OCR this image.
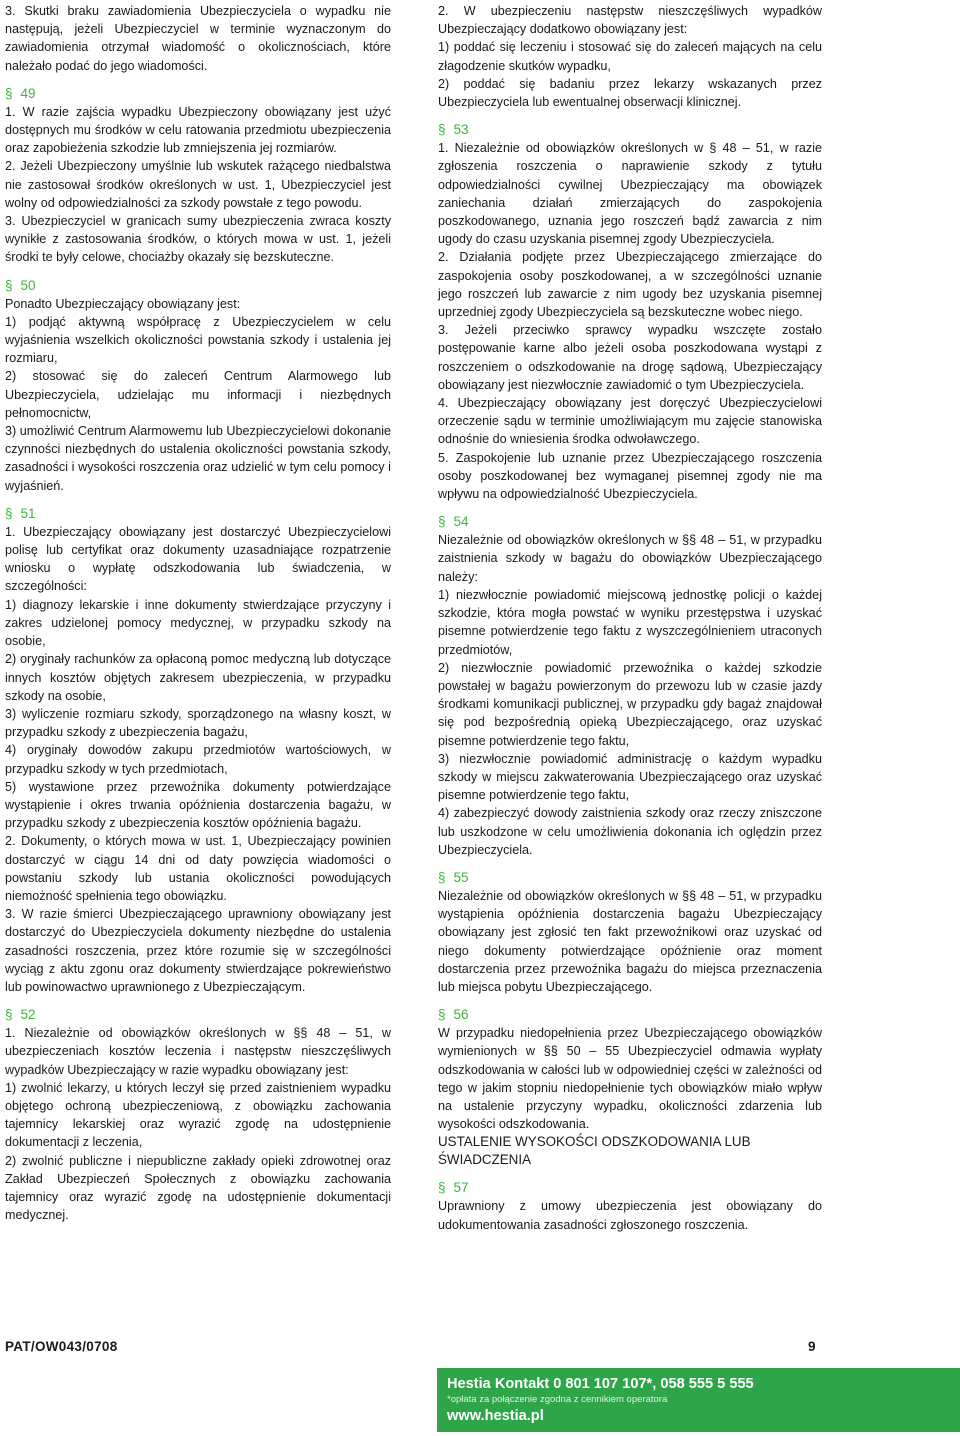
3. Skutki braku zawiadomienia Ubezpieczyciela o wypadku nie następują, jeżeli Ubezpieczyciel w terminie wyznaczonym do zawiadomienia otrzymał wiadomość o okolicznościach, które należało podać do jego wiadomości.

§ 49

1. W razie zajścia wypadku Ubezpieczony obowiązany jest użyć dostępnych mu środków w celu ratowania przedmiotu ubezpieczenia oraz zapobieżenia szkodzie lub zmniejszenia jej rozmiarów.

2. Jeżeli Ubezpieczony umyślnie lub wskutek rażącego niedbalstwa nie zastosował środków określonych w ust. 1, Ubezpieczyciel jest wolny od odpowiedzialności za szkody powstałe z tego powodu.

3. Ubezpieczyciel w granicach sumy ubezpieczenia zwraca koszty wynikłe z zastosowania środków, o których mowa w ust. 1, jeżeli środki te były celowe, chociażby okazały się bezskuteczne.

§ 50

Ponadto Ubezpieczający obowiązany jest:

1) podjąć aktywną współpracę z Ubezpieczycielem w celu wyjaśnienia wszelkich okoliczności powstania szkody i ustalenia jej rozmiaru,

2) stosować się do zaleceń Centrum Alarmowego lub Ubezpieczyciela, udzielając mu informacji i niezbędnych pełnomocnictw,

3) umożliwić Centrum Alarmowemu lub Ubezpieczycielowi dokonanie czynności niezbędnych do ustalenia okoliczności powstania szkody, zasadności i wysokości roszczenia oraz udzielić w tym celu pomocy i wyjaśnień.

§ 51

1. Ubezpieczający obowiązany jest dostarczyć Ubezpieczycielowi polisę lub certyfikat oraz dokumenty uzasadniające rozpatrzenie wniosku o wypłatę odszkodowania lub świadczenia, w szczególności:

1) diagnozy lekarskie i inne dokumenty stwierdzające przyczyny i zakres udzielonej pomocy medycznej, w przypadku szkody na osobie,

2) oryginały rachunków za opłaconą pomoc medyczną lub dotyczące innych kosztów objętych zakresem ubezpieczenia, w przypadku szkody na osobie,

3) wyliczenie rozmiaru szkody, sporządzonego na własny koszt, w przypadku szkody z ubezpieczenia bagażu,

4) oryginały dowodów zakupu przedmiotów wartościowych, w przypadku szkody w tych przedmiotach,

5) wystawione przez przewoźnika dokumenty potwierdzające wystąpienie i okres trwania opóźnienia dostarczenia bagażu, w przypadku szkody z ubezpieczenia kosztów opóźnienia bagażu.

2. Dokumenty, o których mowa w ust. 1, Ubezpieczający powinien dostarczyć w ciągu 14 dni od daty powzięcia wiadomości o powstaniu szkody lub ustania okoliczności powodujących niemożność spełnienia tego obowiązku.

3. W razie śmierci Ubezpieczającego uprawniony obowiązany jest dostarczyć do Ubezpieczyciela dokumenty niezbędne do ustalenia zasadności roszczenia, przez które rozumie się w szczególności wyciąg z aktu zgonu oraz dokumenty stwierdzające pokrewieństwo lub powinowactwo uprawnionego z Ubezpieczającym.

§ 52

1. Niezależnie od obowiązków określonych w §§ 48 – 51, w ubezpieczeniach kosztów leczenia i następstw nieszczęśliwych wypadków Ubezpieczający w razie wypadku obowiązany jest:

1) zwolnić lekarzy, u których leczył się przed zaistnieniem wypadku objętego ochroną ubezpieczeniową, z obowiązku zachowania tajemnicy lekarskiej oraz wyrazić zgodę na udostępnienie dokumentacji z leczenia,

2) zwolnić publiczne i niepubliczne zakłady opieki zdrowotnej oraz Zakład Ubezpieczeń Społecznych z obowiązku zachowania tajemnicy oraz wyrazić zgodę na udostępnienie dokumentacji medycznej.

2. W ubezpieczeniu następstw nieszczęśliwych wypadków Ubezpieczający dodatkowo obowiązany jest:

1) poddać się leczeniu i stosować się do zaleceń mających na celu złagodzenie skutków wypadku,

2) poddać się badaniu przez lekarzy wskazanych przez Ubezpieczyciela lub ewentualnej obserwacji klinicznej.

§ 53

1. Niezależnie od obowiązków określonych w § 48 – 51, w razie zgłoszenia roszczenia o naprawienie szkody z tytułu odpowiedzialności cywilnej Ubezpieczający ma obowiązek zaniechania działań zmierzających do zaspokojenia poszkodowanego, uznania jego roszczeń bądź zawarcia z nim ugody do czasu uzyskania pisemnej zgody Ubezpieczyciela.

2. Działania podjęte przez Ubezpieczającego zmierzające do zaspokojenia osoby poszkodowanej, a w szczególności uznanie jego roszczeń lub zawarcie z nim ugody bez uzyskania pisemnej uprzedniej zgody Ubezpieczyciela są bezskuteczne wobec niego.

3. Jeżeli przeciwko sprawcy wypadku wszczęte zostało postępowanie karne albo jeżeli osoba poszkodowana wystąpi z roszczeniem o odszkodowanie na drogę sądową, Ubezpieczający obowiązany jest niezwłocznie zawiadomić o tym Ubezpieczyciela.

4. Ubezpieczający obowiązany jest doręczyć Ubezpieczycielowi orzeczenie sądu w terminie umożliwiającym mu zajęcie stanowiska odnośnie do wniesienia środka odwoławczego.

5. Zaspokojenie lub uznanie przez Ubezpieczającego roszczenia osoby poszkodowanej bez wymaganej pisemnej zgody nie ma wpływu na odpowiedzialność Ubezpieczyciela.

§ 54

Niezależnie od obowiązków określonych w §§ 48 – 51, w przypadku zaistnienia szkody w bagażu do obowiązków Ubezpieczającego należy:

1) niezwłocznie powiadomić miejscową jednostkę policji o każdej szkodzie, która mogła powstać w wyniku przestępstwa i uzyskać pisemne potwierdzenie tego faktu z wyszczególnieniem utraconych przedmiotów,

2) niezwłocznie powiadomić przewoźnika o każdej szkodzie powstałej w bagażu powierzonym do przewozu lub w czasie jazdy środkami komunikacji publicznej, w przypadku gdy bagaż znajdował się pod bezpośrednią opieką Ubezpieczającego, oraz uzyskać pisemne potwierdzenie tego faktu,

3) niezwłocznie powiadomić administrację o każdym wypadku szkody w miejscu zakwaterowania Ubezpieczającego oraz uzyskać pisemne potwierdzenie tego faktu,

4) zabezpieczyć dowody zaistnienia szkody oraz rzeczy zniszczone lub uszkodzone w celu umożliwienia dokonania ich oględzin przez Ubezpieczyciela.

§ 55

Niezależnie od obowiązków określonych w §§ 48 – 51, w przypadku wystąpienia opóźnienia dostarczenia bagażu Ubezpieczający obowiązany jest zgłosić ten fakt przewoźnikowi oraz uzyskać od niego dokumenty potwierdzające opóźnienie oraz moment dostarczenia przez przewoźnika bagażu do miejsca przeznaczenia lub miejsca pobytu Ubezpieczającego.

§ 56

W przypadku niedopełnienia przez Ubezpieczającego obowiązków wymienionych w §§ 50 – 55 Ubezpieczyciel odmawia wypłaty odszkodowania w całości lub w odpowiedniej części w zależności od tego w jakim stopniu niedopełnienie tych obowiązków miało wpływ na ustalenie przyczyny wypadku, okoliczności zdarzenia lub wysokości odszkodowania.

USTALENIE WYSOKOŚCI ODSZKODOWANIA LUB ŚWIADCZENIA

§ 57

Uprawniony z umowy ubezpieczenia jest obowiązany do udokumentowania zasadności zgłoszonego roszczenia.

PAT/OW043/0708	9
Hestia Kontakt 0 801 107 107*, 058 555 5 555
*opłata za połączenie zgodna z cennikiem operatora
www.hestia.pl
